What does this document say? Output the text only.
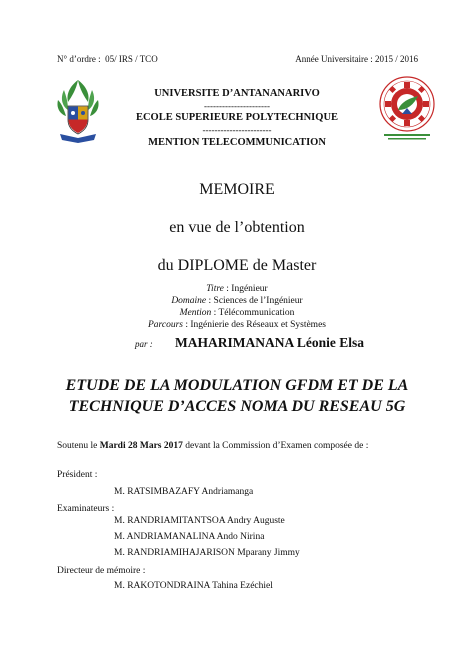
N° d’ordre : 05/ IRS / TCO	Année Universitaire : 2015 / 2016
UNIVERSITE D’ANTANANARIVO
----------------------
ECOLE SUPERIEURE POLYTECHNIQUE
-----------------------
MENTION TELECOMMUNICATION
MEMOIRE
en vue de l’obtention
du DIPLOME de Master
Titre : Ingénieur
Domaine : Sciences de l’Ingénieur
Mention : Télécommunication
Parcours : Ingénierie des Réseaux et Systèmes
par : MAHARIMANANA Léonie Elsa
ETUDE DE LA MODULATION GFDM ET DE LA
TECHNIQUE D’ACCES NOMA DU RESEAU 5G
Soutenu le Mardi 28 Mars 2017 devant la Commission d’Examen composée de :
Président :
M. RATSIMBAZAFY Andriamanga
Examinateurs :
M. RANDRIAMITANTSOA Andry Auguste
M. ANDRIAMANALINA Ando Nirina
M. RANDRIAMIHAJARISON Mparany Jimmy
Directeur de mémoire :
M. RAKOTONDRAINA Tahina Ezéchiel
